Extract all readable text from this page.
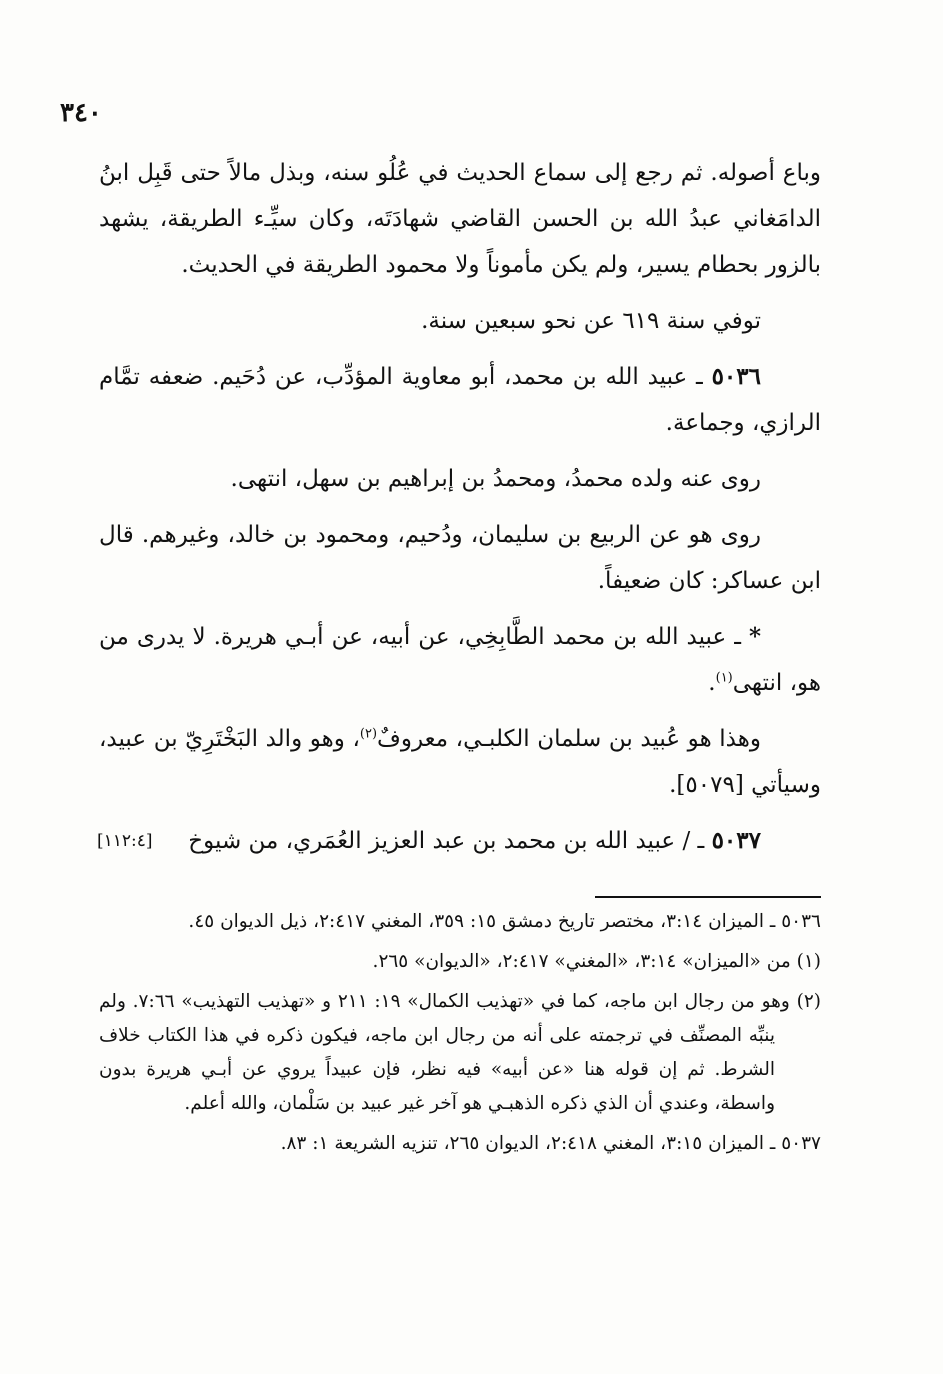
٣٤٠

وباع أصوله. ثم رجع إلى سماع الحديث في عُلُو سنه، وبذل مالاً حتى قَبِل ابنُ الدامَغاني عبدُ الله بن الحسن القاضي شهادَتَه، وكان سيِّـء الطريقة، يشهد بالزور بحطام يسير، ولم يكن مأموناً ولا محمود الطريقة في الحديث.

توفي سنة ٦١٩ عن نحو سبعين سنة.

٥٠٣٦ ـ عبيد الله بن محمد، أبو معاوية المؤدِّب، عن دُحَيم. ضعفه تمَّام الرازي، وجماعة.

روى عنه ولده محمدُ، ومحمدُ بن إبراهيم بن سهل، انتهى.

روى هو عن الربيع بن سليمان، ودُحيم، ومحمود بن خالد، وغيرهم. قال ابن عساكر: كان ضعيفاً.

* ـ عبيد الله بن محمد الطَّابِخِي، عن أبيه، عن أبـي هريرة. لا يدرى من هو، انتهى$^{(١)}$.

وهذا هو عُبيد بن سلمان الكلبـي، معروفٌ$^{(٢)}$، وهو والد البَخْتَرِيّ بن عبيد، وسيأتي [٥٠٧٩].

[١١٢:٤]	٥٠٣٧ ـ / عبيد الله بن محمد بن عبد العزيز العُمَري، من شيوخ

٥٠٣٦ ـ الميزان ٣:١٤، مختصر تاريخ دمشق ١٥: ٣٥٩، المغني ٢:٤١٧، ذيل الديوان ٤٥.

(١) من «الميزان» ٣:١٤، «المغني» ٢:٤١٧، «الديوان» ٢٦٥.

(٢) وهو من رجال ابن ماجه، كما في «تهذيب الكمال» ١٩: ٢١١ و «تهذيب التهذيب» ٧:٦٦. ولم ينبِّه المصنِّف في ترجمته على أنه من رجال ابن ماجه، فيكون ذكره في هذا الكتاب خلاف الشرط. ثم إن قوله هنا «عن أبيه» فيه نظر، فإن عبيداً يروي عن أبـي هريرة بدون واسطة، وعندي أن الذي ذكره الذهبـي هو آخر غير عبيد بن سَلْمان، والله أعلم.

٥٠٣٧ ـ الميزان ٣:١٥، المغني ٢:٤١٨، الديوان ٢٦٥، تنزيه الشريعة ١: ٨٣.
